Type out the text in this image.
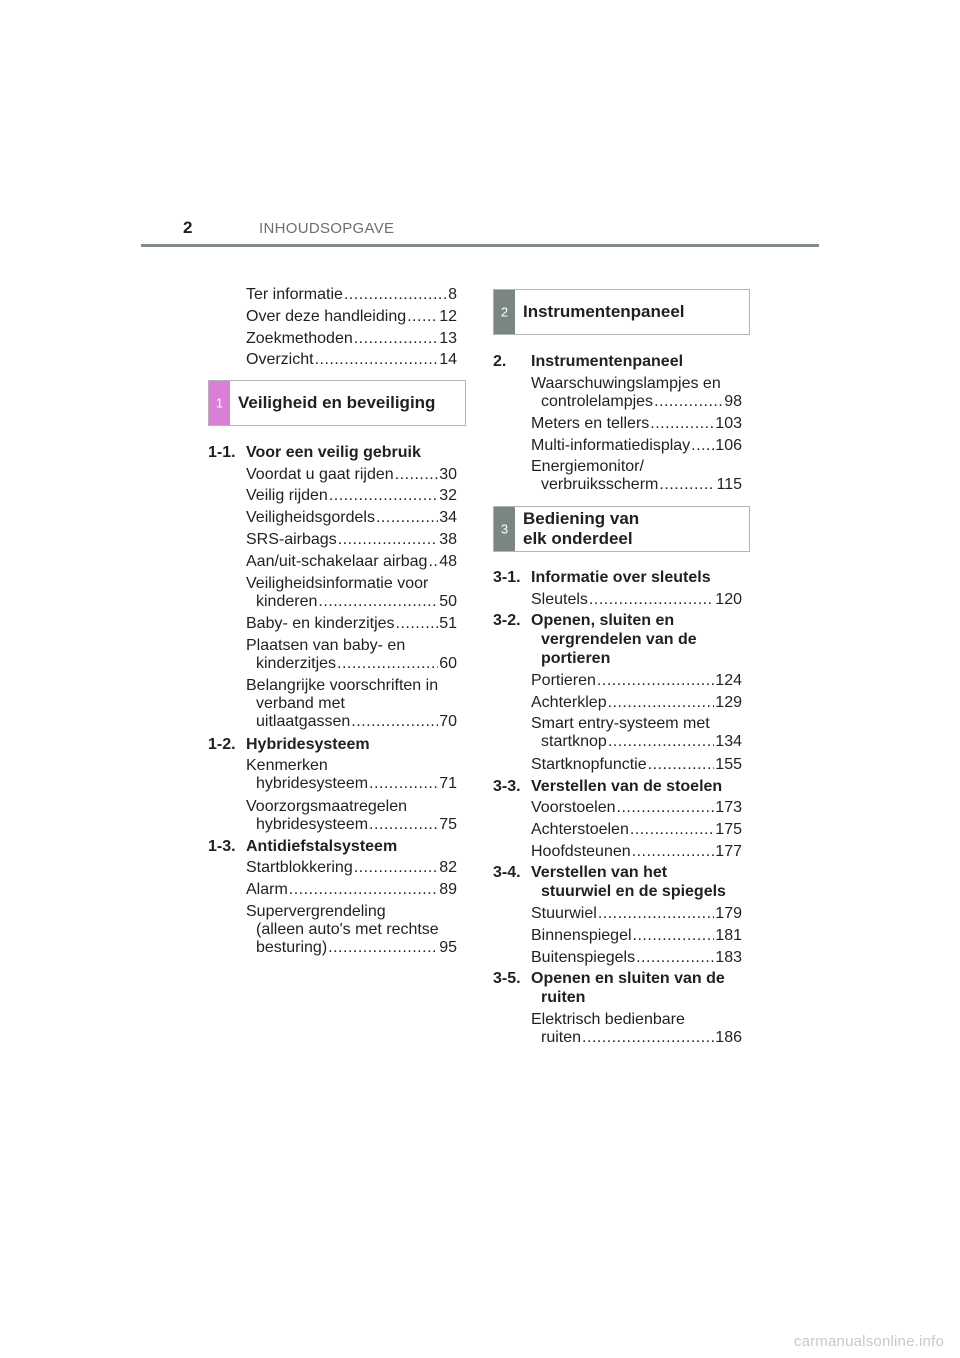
2	INHOUDSOPGAVE
Ter informatie .....	8
Over deze handleiding ..... 12
Zoekmethoden .....	13
Overzicht .....	14
1 Veiligheid en beveiliging
1-1. Voor een veilig gebruik
Voordat u gaat rijden .....	30
Veilig rijden .....	32
Veiligheidsgordels .....	34
SRS-airbags .....	38
Aan/uit-schakelaar airbag ..... 48
Veiligheidsinformatie voor
kinderen .....	50
Baby- en kinderzitjes .....	51
Plaatsen van baby- en
kinderzitjes .....	60
Belangrijke voorschriften in
verband met
uitlaatgassen .....	70
1-2. Hybridesysteem
Kenmerken
hybridesysteem .....	71
Voorzorgsmaatregelen
hybridesysteem .....	75
1-3. Antidiefstalsysteem
Startblokkering .....	82
Alarm .....	89
Supervergrendeling
(alleen auto's met rechtse
besturing) .....	95
2 Instrumentenpaneel
2. Instrumentenpaneel
Waarschuwingslampjes en
controlelampjes .....	98
Meters en tellers .....	103
Multi-informatiedisplay ..... 106
Energiemonitor/
verbruiksscherm .....	115
3
Bediening van
elk onderdeel
3-1. Informatie over sleutels
Sleutels .....	120
3-2. Openen, sluiten en
vergrendelen van de
portieren
Portieren .....	124
Achterklep .....	129
Smart entry-systeem met
startknop .....	134
Startknopfunctie .....	155
3-3. Verstellen van de stoelen
Voorstoelen .....	173
Achterstoelen .....	175
Hoofdsteunen .....	177
3-4. Verstellen van het
stuurwiel en de spiegels
Stuurwiel .....	179
Binnenspiegel .....	181
Buitenspiegels .....	183
3-5. Openen en sluiten van de
ruiten
Elektrisch bedienbare
ruiten .....	186
carmanualsonline.info
